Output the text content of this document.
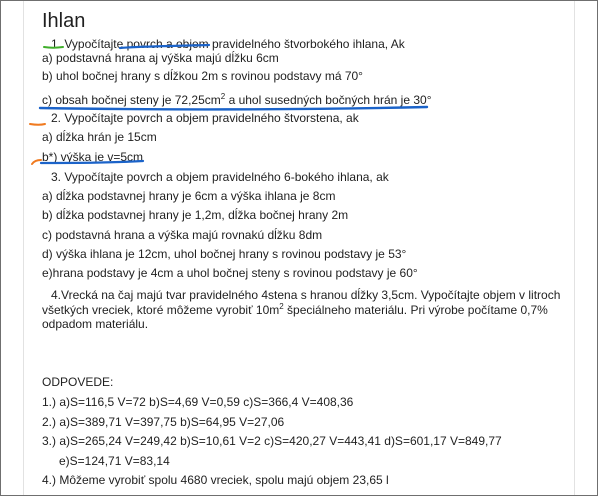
Ihlan
1. Vypočítajte povrch a objem pravidelného štvorbokého ihlana, Ak
a) podstavná hrana aj výška majú dĺžku 6cm
b) uhol bočnej hrany s dĺžkou 2m s rovinou podstavy má 70°
c) obsah bočnej steny je $72,25cm^2$ a uhol susedných bočných hrán je 30°
2. Vypočítajte povrch a objem pravidelného štvorstena, ak
a) dĺžka hrán je 15cm
b*) výška je v=5cm
3. Vypočítajte povrch a objem pravidelného 6-bokého ihlana, ak
a) dĺžka podstavnej hrany je 6cm a výška ihlana je 8cm
b) dĺžka podstavnej hrany je 1,2m, dĺžka bočnej hrany 2m
c) podstavná hrana a výška majú rovnakú dĺžku 8dm
d) výška ihlana je 12cm, uhol bočnej hrany s rovinou podstavy je 53°
e)hrana podstavy je 4cm a uhol bočnej steny s rovinou podstavy je 60°
4.Vrecká na čaj majú tvar pravidelného 4stena s hranou dĺžky 3,5cm. Vypočítajte objem v litroch
všetkých vreciek, ktoré môžeme vyrobiť $10m^2$ špeciálneho materiálu. Pri výrobe počítame 0,7%
odpadom materiálu.
ODPOVEDE:
1.) a)S=116,5 V=72 b)S=4,69 V=0,59 c)S=366,4 V=408,36
2.) a)S=389,71 V=397,75 b)S=64,95 V=27,06
3.) a)S=265,24 V=249,42 b)S=10,61 V=2 c)S=420,27 V=443,41 d)S=601,17 V=849,77
e)S=124,71 V=83,14
4.) Môžeme vyrobiť spolu 4680 vreciek, spolu majú objem 23,65 l
